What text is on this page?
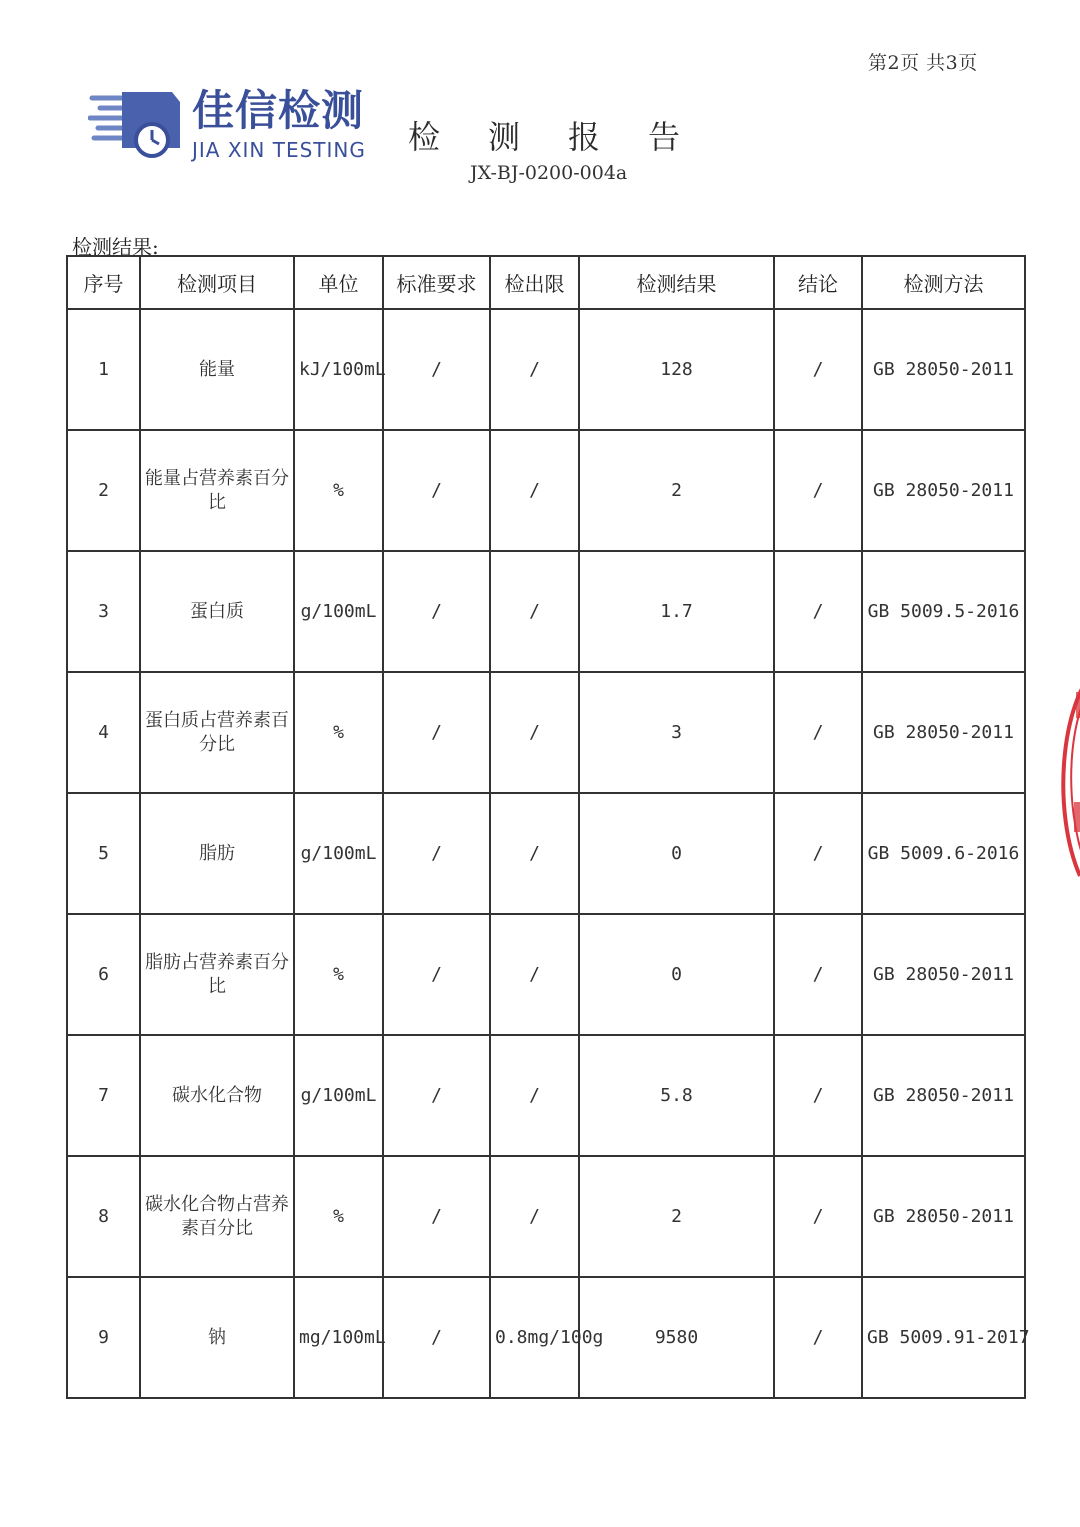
第2页 共3页
佳信检测
JIA XIN TESTING 检测报告
JX-BJ-0200-004a
检测结果:
序号	检测项目	单位	标准要求	检出限	检测结果	结论	检测方法
1	能量	kJ/100mL	/	/	128	/	GB 28050-2011
2	能量占营养素百分比	%	/	/	2	/	GB 28050-2011
3	蛋白质	g/100mL	/	/	1.7	/	GB 5009.5-2016
4	蛋白质占营养素百分比	%	/	/	3	/	GB 28050-2011
5	脂肪	g/100mL	/	/	0	/	GB 5009.6-2016
6	脂肪占营养素百分比	%	/	/	0	/	GB 28050-2011
7	碳水化合物	g/100mL	/	/	5.8	/	GB 28050-2011
8	碳水化合物占营养素百分比	%	/	/	2	/	GB 28050-2011
9	钠	mg/100mL	/	0.8mg/100g	9580	/	GB 5009.91-2017
